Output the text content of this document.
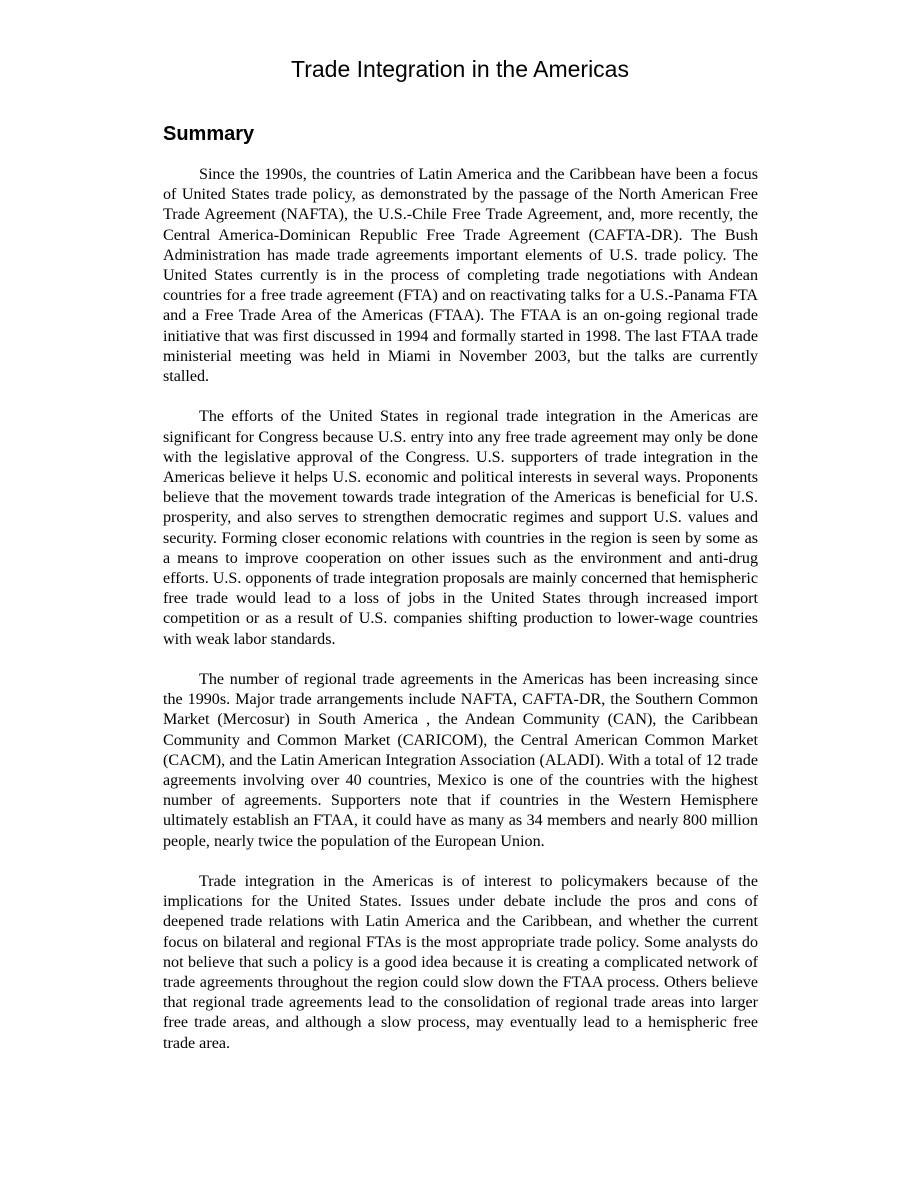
Trade Integration in the Americas
Summary

Since the 1990s, the countries of Latin America and the Caribbean have been a focus of United States trade policy, as demonstrated by the passage of the North American Free Trade Agreement (NAFTA), the U.S.-Chile Free Trade Agreement, and, more recently, the Central America-Dominican Republic Free Trade Agreement (CAFTA-DR). The Bush Administration has made trade agreements important elements of U.S. trade policy. The United States currently is in the process of completing trade negotiations with Andean countries for a free trade agreement (FTA) and on reactivating talks for a U.S.-Panama FTA and a Free Trade Area of the Americas (FTAA). The FTAA is an on-going regional trade initiative that was first discussed in 1994 and formally started in 1998. The last FTAA trade ministerial meeting was held in Miami in November 2003, but the talks are currently stalled.

The efforts of the United States in regional trade integration in the Americas are significant for Congress because U.S. entry into any free trade agreement may only be done with the legislative approval of the Congress. U.S. supporters of trade integration in the Americas believe it helps U.S. economic and political interests in several ways. Proponents believe that the movement towards trade integration of the Americas is beneficial for U.S. prosperity, and also serves to strengthen democratic regimes and support U.S. values and security. Forming closer economic relations with countries in the region is seen by some as a means to improve cooperation on other issues such as the environment and anti-drug efforts. U.S. opponents of trade integration proposals are mainly concerned that hemispheric free trade would lead to a loss of jobs in the United States through increased import competition or as a result of U.S. companies shifting production to lower-wage countries with weak labor standards.

The number of regional trade agreements in the Americas has been increasing since the 1990s. Major trade arrangements include NAFTA, CAFTA-DR, the Southern Common Market (Mercosur) in South America , the Andean Community (CAN), the Caribbean Community and Common Market (CARICOM), the Central American Common Market (CACM), and the Latin American Integration Association (ALADI). With a total of 12 trade agreements involving over 40 countries, Mexico is one of the countries with the highest number of agreements. Supporters note that if countries in the Western Hemisphere ultimately establish an FTAA, it could have as many as 34 members and nearly 800 million people, nearly twice the population of the European Union.

Trade integration in the Americas is of interest to policymakers because of the implications for the United States. Issues under debate include the pros and cons of deepened trade relations with Latin America and the Caribbean, and whether the current focus on bilateral and regional FTAs is the most appropriate trade policy. Some analysts do not believe that such a policy is a good idea because it is creating a complicated network of trade agreements throughout the region could slow down the FTAA process. Others believe that regional trade agreements lead to the consolidation of regional trade areas into larger free trade areas, and although a slow process, may eventually lead to a hemispheric free trade area.
